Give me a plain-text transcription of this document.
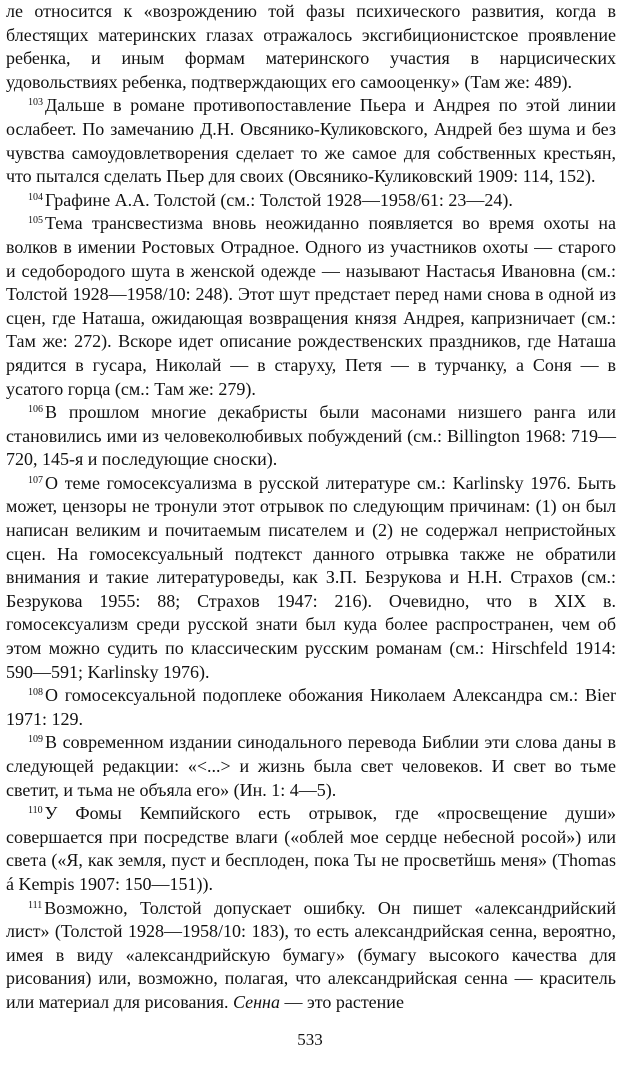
ле относится к «возрождению той фазы психического развития, когда в блестящих материнских глазах отражалось эксгибиционистское проявление ребенка, и иным формам материнского участия в нарцисических удовольствиях ребенка, подтверждающих его самооценку» (Там же: 489).

$^{103}$ Дальше в романе противопоставление Пьера и Андрея по этой линии ослабеет. По замечанию Д.Н. Овсянико-Куликовского, Андрей без шума и без чувства самоудовлетворения сделает то же самое для собственных крестьян, что пытался сделать Пьер для своих (Овсянико-Куликовский 1909: 114, 152).

$^{104}$ Графине А.А. Толстой (см.: Толстой 1928—1958/61: 23—24).

$^{105}$ Тема трансвестизма вновь неожиданно появляется во время охоты на волков в имении Ростовых Отрадное. Одного из участников охоты — старого и седобородого шута в женской одежде — называют Настасья Ивановна (см.: Толстой 1928—1958/10: 248). Этот шут предстает перед нами снова в одной из сцен, где Наташа, ожидающая возвращения князя Андрея, капризничает (см.: Там же: 272). Вскоре идет описание рождественских праздников, где Наташа рядится в гусара, Николай — в старуху, Петя — в турчанку, а Соня — в усатого горца (см.: Там же: 279).

$^{106}$ В прошлом многие декабристы были масонами низшего ранга или становились ими из человеколюбивых побуждений (см.: Billington 1968: 719—720, 145-я и последующие сноски).

$^{107}$ О теме гомосексуализма в русской литературе см.: Karlinsky 1976. Быть может, цензоры не тронули этот отрывок по следующим причинам: (1) он был написан великим и почитаемым писателем и (2) не содержал непристойных сцен. На гомосексуальный подтекст данного отрывка также не обратили внимания и такие литературоведы, как З.П. Безрукова и Н.Н. Страхов (см.: Безрукова 1955: 88; Страхов 1947: 216). Очевидно, что в XIX в. гомосексуализм среди русской знати был куда более распространен, чем об этом можно судить по классическим русским романам (см.: Hirschfeld 1914: 590—591; Karlinsky 1976).

$^{108}$ О гомосексуальной подоплеке обожания Николаем Александра см.: Bier 1971: 129.

$^{109}$ В современном издании синодального перевода Библии эти слова даны в следующей редакции: «<...> и жизнь была свет человеков. И свет во тьме светит, и тьма не объяла его» (Ин. 1: 4—5).

$^{110}$ У Фомы Кемпийского есть отрывок, где «просвещение души» совершается при посредстве влаги («облей мое сердце небесной росой») или света («Я, как земля, пуст и бесплоден, пока Ты не просветйшь меня» (Thomas á Kempis 1907: 150—151)).

$^{111}$ Возможно, Толстой допускает ошибку. Он пишет «александрийский лист» (Толстой 1928—1958/10: 183), то есть александрийская сенна, вероятно, имея в виду «александрийскую бумагу» (бумагу высокого качества для рисования) или, возможно, полагая, что александрийская сенна — краситель или материал для рисования. Сенна — это растение

533
